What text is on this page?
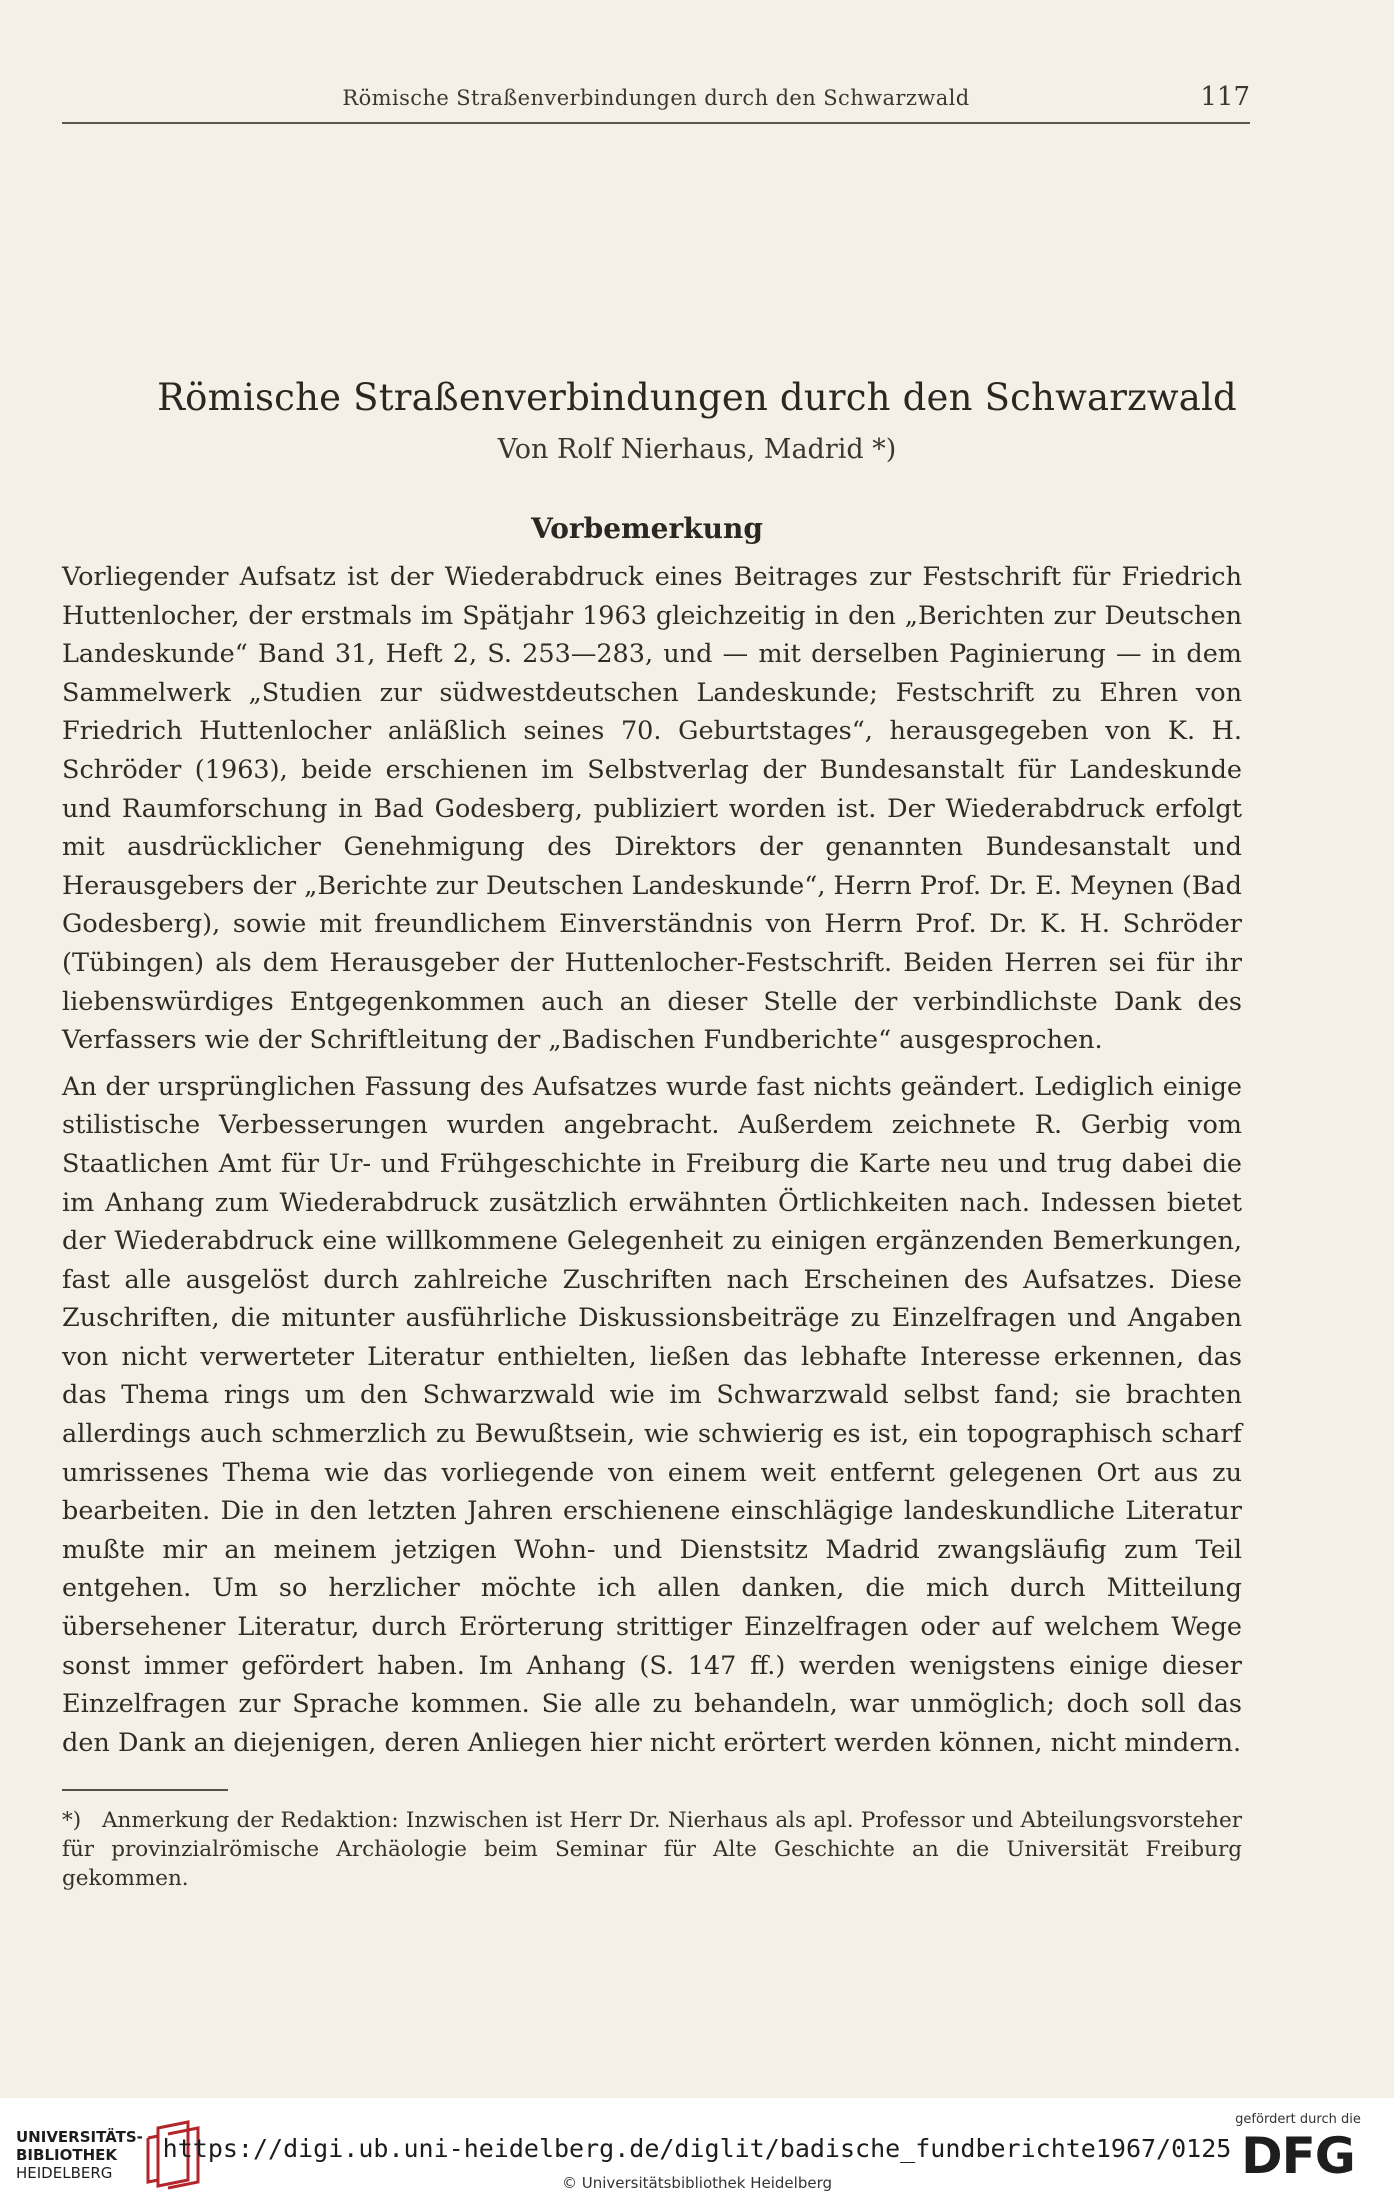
Römische Straßenverbindungen durch den Schwarzwald	117
Römische Straßenverbindungen durch den Schwarzwald
Von Rolf Nierhaus, Madrid *)
Vorbemerkung

Vorliegender Aufsatz ist der Wiederabdruck eines Beitrages zur Festschrift für Friedrich Huttenlocher, der erstmals im Spätjahr 1963 gleichzeitig in den „Berichten zur Deutschen Landeskunde“ Band 31, Heft 2, S. 253—283, und — mit derselben Paginierung — in dem Sammelwerk „Studien zur südwestdeutschen Landeskunde; Festschrift zu Ehren von Friedrich Huttenlocher anläßlich seines 70. Geburtstages“, herausgegeben von K. H. Schröder (1963), beide erschienen im Selbstverlag der Bundesanstalt für Landeskunde und Raumforschung in Bad Godesberg, publiziert worden ist. Der Wiederabdruck erfolgt mit ausdrücklicher Genehmigung des Direktors der genannten Bundesanstalt und Herausgebers der „Berichte zur Deutschen Landeskunde“, Herrn Prof. Dr. E. Meynen (Bad Godesberg), sowie mit freundlichem Einverständnis von Herrn Prof. Dr. K. H. Schröder (Tübingen) als dem Herausgeber der Huttenlocher-Festschrift. Beiden Herren sei für ihr liebenswürdiges Entgegenkommen auch an dieser Stelle der verbindlichste Dank des Verfassers wie der Schriftleitung der „Badischen Fundberichte“ ausgesprochen.

An der ursprünglichen Fassung des Aufsatzes wurde fast nichts geändert. Lediglich einige stilistische Verbesserungen wurden angebracht. Außerdem zeichnete R. Gerbig vom Staatlichen Amt für Ur- und Frühgeschichte in Freiburg die Karte neu und trug dabei die im Anhang zum Wiederabdruck zusätzlich erwähnten Örtlichkeiten nach. Indessen bietet der Wiederabdruck eine willkommene Gelegenheit zu einigen ergänzenden Bemerkungen, fast alle ausgelöst durch zahlreiche Zuschriften nach Erscheinen des Aufsatzes. Diese Zuschriften, die mitunter ausführliche Diskussionsbeiträge zu Einzelfragen und Angaben von nicht verwerteter Literatur enthielten, ließen das lebhafte Interesse erkennen, das das Thema rings um den Schwarzwald wie im Schwarzwald selbst fand; sie brachten allerdings auch schmerzlich zu Bewußtsein, wie schwierig es ist, ein topographisch scharf umrissenes Thema wie das vorliegende von einem weit entfernt gelegenen Ort aus zu bearbeiten. Die in den letzten Jahren erschienene einschlägige landeskundliche Literatur mußte mir an meinem jetzigen Wohn- und Dienstsitz Madrid zwangsläufig zum Teil entgehen. Um so herzlicher möchte ich allen danken, die mich durch Mitteilung übersehener Literatur, durch Erörterung strittiger Einzelfragen oder auf welchem Wege sonst immer gefördert haben. Im Anhang (S. 147 ff.) werden wenigstens einige dieser Einzelfragen zur Sprache kommen. Sie alle zu behandeln, war unmöglich; doch soll das den Dank an diejenigen, deren Anliegen hier nicht erörtert werden können, nicht mindern.

*) Anmerkung der Redaktion: Inzwischen ist Herr Dr. Nierhaus als apl. Professor und Abteilungsvorsteher für provinzialrömische Archäologie beim Seminar für Alte Geschichte an die Universität Freiburg gekommen.
UNIVERSITÄTS-
BIBLIOTHEK
HEIDELBERG
https://digi.ub.uni-heidelberg.de/diglit/badische_fundberichte1967/0125
© Universitätsbibliothek Heidelberg
gefördert durch die
DFG
